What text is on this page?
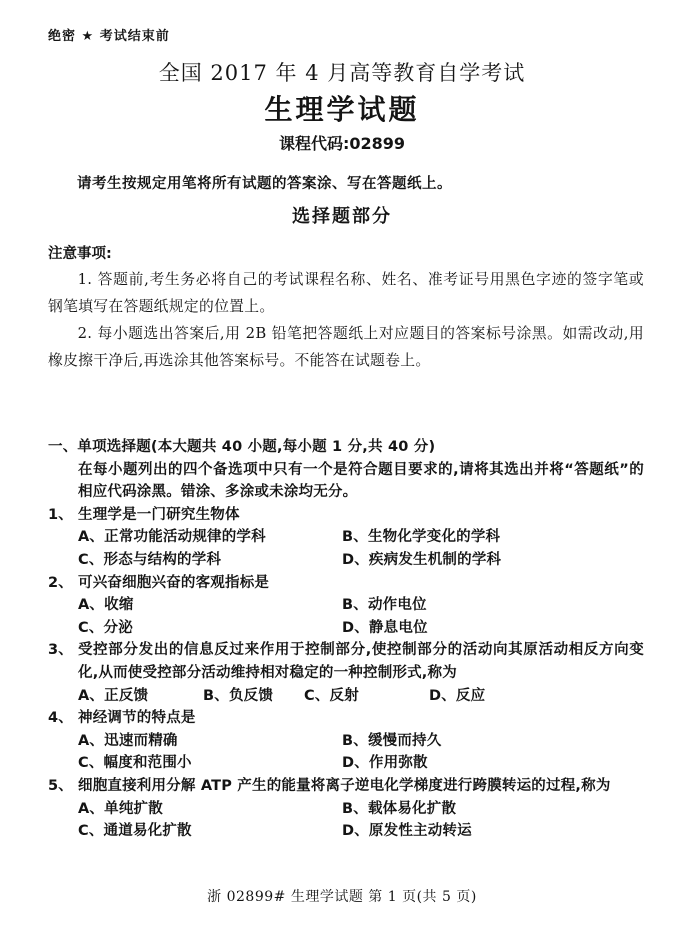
绝密 ★ 考试结束前
全国 2017 年 4 月高等教育自学考试
生理学试题
课程代码:02899
请考生按规定用笔将所有试题的答案涂、写在答题纸上。
选择题部分
注意事项:

1. 答题前,考生务必将自己的考试课程名称、姓名、准考证号用黑色字迹的签字笔或钢笔填写在答题纸规定的位置上。

2. 每小题选出答案后,用 2B 铅笔把答题纸上对应题目的答案标号涂黑。如需改动,用橡皮擦干净后,再选涂其他答案标号。不能答在试题卷上。

一、单项选择题(本大题共 40 小题,每小题 1 分,共 40 分)
在每小题列出的四个备选项中只有一个是符合题目要求的,请将其选出并将“答题纸”的相应代码涂黑。错涂、多涂或未涂均无分。
1、 生理学是一门研究生物体
A、正常功能活动规律的学科	B、生物化学变化的学科
C、形态与结构的学科	D、疾病发生机制的学科
2、 可兴奋细胞兴奋的客观指标是
A、收缩	B、动作电位
C、分泌	D、静息电位
3、 受控部分发出的信息反过来作用于控制部分,使控制部分的活动向其原活动相反方向变化,从而使受控部分活动维持相对稳定的一种控制形式,称为
A、正反馈	B、负反馈	C、反射	D、反应
4、 神经调节的特点是
A、迅速而精确	B、缓慢而持久
C、幅度和范围小	D、作用弥散
5、 细胞直接利用分解 ATP 产生的能量将离子逆电化学梯度进行跨膜转运的过程,称为
A、单纯扩散	B、载体易化扩散
C、通道易化扩散	D、原发性主动转运
浙 02899# 生理学试题 第 1 页(共 5 页)
